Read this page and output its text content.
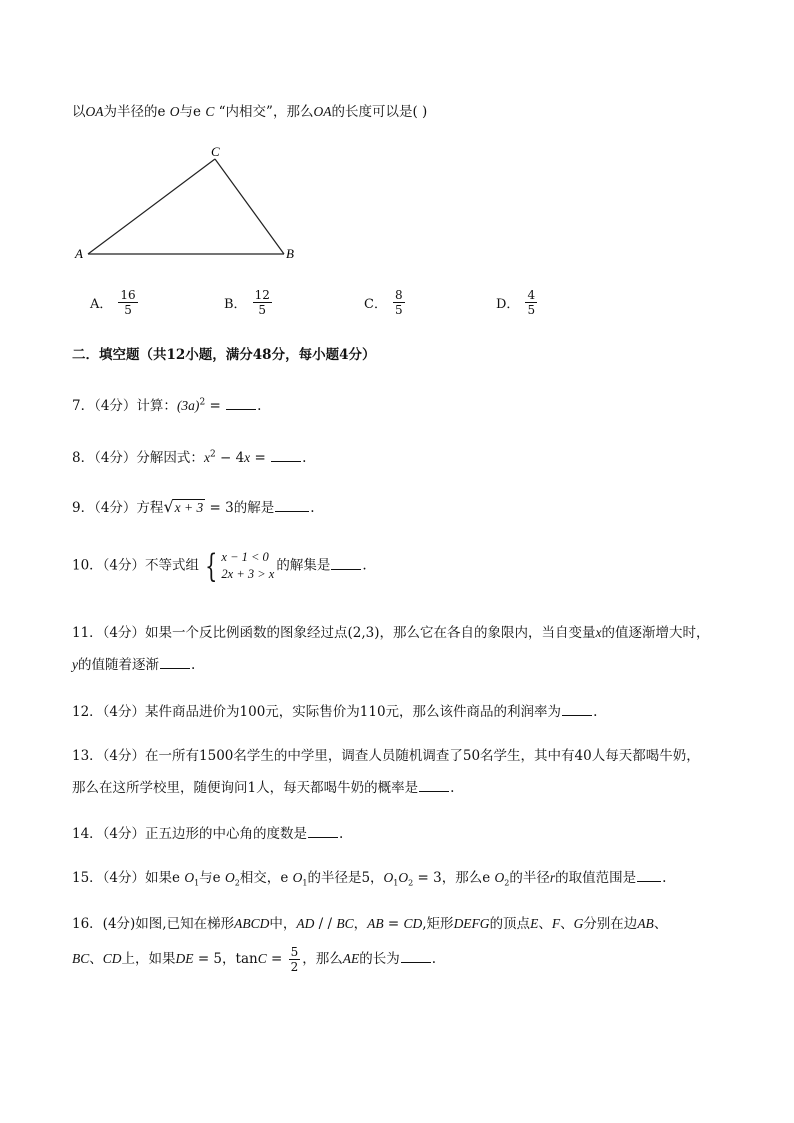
以OA为半径的e O与e C “内相交”，那么OA的长度可以是( )
A	B
C
A． $\frac{16}{5}$	B． $\frac{12}{5}$	C． $\frac{8}{5}$	D． $\frac{4}{5}$
二．填空题（共12小题，满分48分，每小题4分）
7．（4分）计算：$(3a)^2$ = .
8．（4分）分解因式：$x^2 - 4x$ = .
9．（4分）方程√x + 3 = 3的解是	.
10．（4分）不等式组 { x − 1 < 0
2x + 3 > x
的解集是 .
11．（4分）如果一个反比例函数的图象经过点(2,3)，那么它在各自的象限内，当自变量x的值逐渐增大时，
y的值随着逐渐 .
12．（4分）某件商品进价为100元，实际售价为110元，那么该件商品的利润率为 .
13．（4分）在一所有1500名学生的中学里，调查人员随机调查了50名学生，其中有40人每天都喝牛奶，
那么在这所学校里，随便询问1人，每天都喝牛奶的概率是 .
14．（4分）正五边形的中心角的度数是 .
15．（4分）如果e $O_1$与e $O_2$相交，e $O_1$的半径是5，$O_1O_2 = 3$，那么e $O_2$的半径r的取值范围是 .
16．(4分)如图,已知在梯形ABCD中，AD / / BC，AB = CD,矩形DEFG的顶点E、F、G分别在边AB、
BC、CD上，如果DE = 5，$\tan C = \frac{5}{2}$ ，那么AE的长为 .
